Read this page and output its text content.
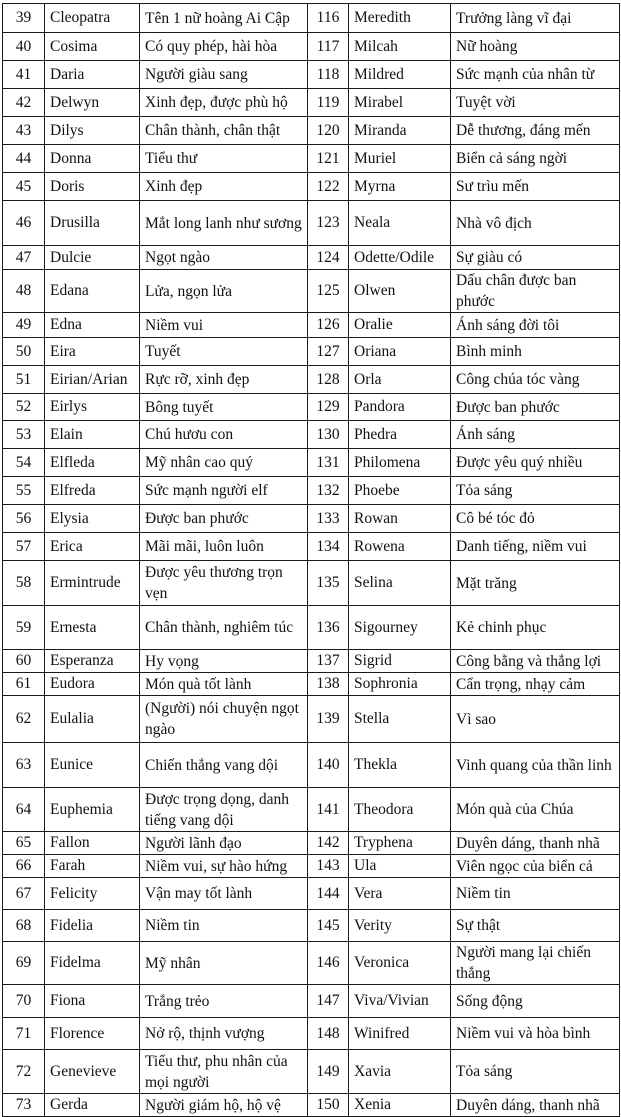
39	Cleopatra	Tên 1 nữ hoàng Ai Cập	116	Meredith	Trưởng làng vĩ đại
40	Cosima	Có quy phép, hài hòa	117	Milcah	Nữ hoàng
41	Daria	Người giàu sang	118	Mildred	Sức mạnh của nhân từ
42	Delwyn	Xinh đẹp, được phù hộ	119	Mirabel	Tuyệt vời
43	Dilys	Chân thành, chân thật	120	Miranda	Dễ thương, đáng mến
44	Donna	Tiểu thư	121	Muriel	Biển cả sáng ngời
45	Doris	Xinh đẹp	122	Myrna	Sư trìu mến
46	Drusilla	Mắt long lanh như sương	123	Neala	Nhà vô địch
47	Dulcie	Ngọt ngào	124	Odette/Odile	Sự giàu có
48	Edana	Lửa, ngọn lửa	125	Olwen	Dấu chân được ban phước
49	Edna	Niềm vui	126	Oralie	Ánh sáng đời tôi
50	Eira	Tuyết	127	Oriana	Bình minh
51	Eirian/Arian	Rực rỡ, xinh đẹp	128	Orla	Công chúa tóc vàng
52	Eirlys	Bông tuyết	129	Pandora	Được ban phước
53	Elain	Chú hươu con	130	Phedra	Ánh sáng
54	Elfleda	Mỹ nhân cao quý	131	Philomena	Được yêu quý nhiều
55	Elfreda	Sức mạnh người elf	132	Phoebe	Tỏa sáng
56	Elysia	Được ban phước	133	Rowan	Cô bé tóc đỏ
57	Erica	Mãi mãi, luôn luôn	134	Rowena	Danh tiếng, niềm vui
58	Ermintrude	Được yêu thương trọn vẹn	135	Selina	Mặt trăng
59	Ernesta	Chân thành, nghiêm túc	136	Sigourney	Kẻ chinh phục
60	Esperanza	Hy vọng	137	Sigrid	Công bằng và thắng lợi
61	Eudora	Món quà tốt lành	138	Sophronia	Cẩn trọng, nhạy cảm
62	Eulalia	(Người) nói chuyện ngọt ngào	139	Stella	Vì sao
63	Eunice	Chiến thắng vang dội	140	Thekla	Vinh quang của thần linh
64	Euphemia	Được trọng dọng, danh tiếng vang dội	141	Theodora	Món quà của Chúa
65	Fallon	Người lãnh đạo	142	Tryphena	Duyên dáng, thanh nhã
66	Farah	Niềm vui, sự hào hứng	143	Ula	Viên ngọc của biển cả
67	Felicity	Vận may tốt lành	144	Vera	Niềm tin
68	Fidelia	Niềm tin	145	Verity	Sự thật
69	Fidelma	Mỹ nhân	146	Veronica	Người mang lại chiến thắng
70	Fiona	Trắng trẻo	147	Viva/Vivian	Sống động
71	Florence	Nở rộ, thịnh vượng	148	Winifred	Niềm vui và hòa bình
72	Genevieve	Tiểu thư, phu nhân của mọi người	149	Xavia	Tỏa sáng
73	Gerda	Người giám hộ, hộ vệ	150	Xenia	Duyên dáng, thanh nhã
